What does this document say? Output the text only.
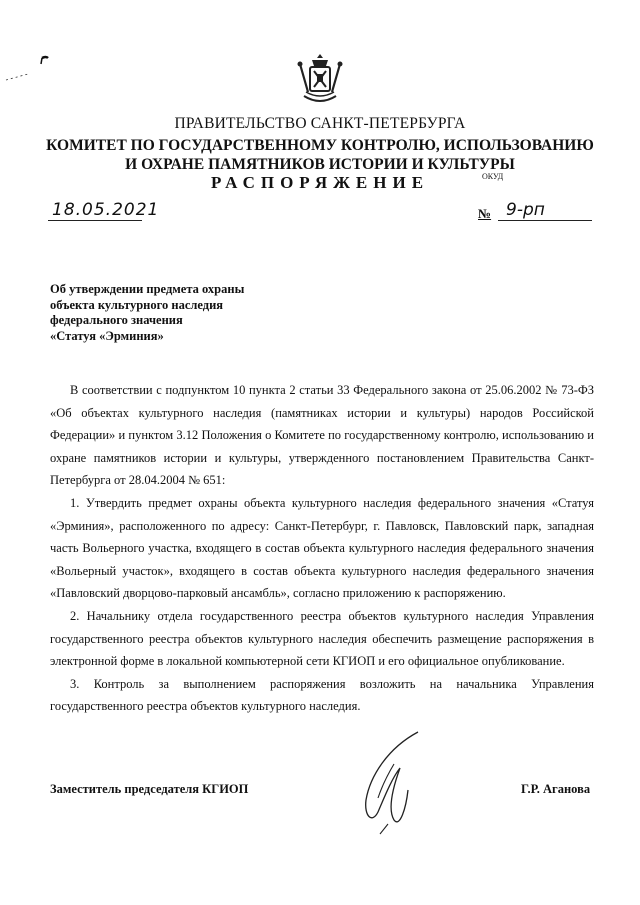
ПРАВИТЕЛЬСТВО САНКТ-ПЕТЕРБУРГА
КОМИТЕТ ПО ГОСУДАРСТВЕННОМУ КОНТРОЛЮ, ИСПОЛЬЗОВАНИЮ
И ОХРАНЕ ПАМЯТНИКОВ ИСТОРИИ И КУЛЬТУРЫ
РАСПОРЯЖЕНИЕ	ОКУД
18.05.2021	№ 9-рп
Об утверждении предмета охраны
объекта культурного наследия
федерального значения
«Статуя «Эрминия»

В соответствии с подпунктом 10 пункта 2 статьи 33 Федерального закона от 25.06.2002 № 73-ФЗ «Об объектах культурного наследия (памятниках истории и культуры) народов Российской Федерации» и пунктом 3.12 Положения о Комитете по государственному контролю, использованию и охране памятников истории и культуры, утвержденного постановлением Правительства Санкт-Петербурга от 28.04.2004 № 651:

1. Утвердить предмет охраны объекта культурного наследия федерального значения «Статуя «Эрминия», расположенного по адресу: Санкт-Петербург, г. Павловск, Павловский парк, западная часть Вольерного участка, входящего в состав объекта культурного наследия федерального значения «Вольерный участок», входящего в состав объекта культурного наследия федерального значения «Павловский дворцово-парковый ансамбль», согласно приложению к распоряжению.

2. Начальнику отдела государственного реестра объектов культурного наследия Управления государственного реестра объектов культурного наследия обеспечить размещение распоряжения в электронной форме в локальной компьютерной сети КГИОП и его официальное опубликование.

3. Контроль за выполнением распоряжения возложить на начальника Управления государственного реестра объектов культурного наследия.

Заместитель председателя КГИОП	Г.Р. Аганова
